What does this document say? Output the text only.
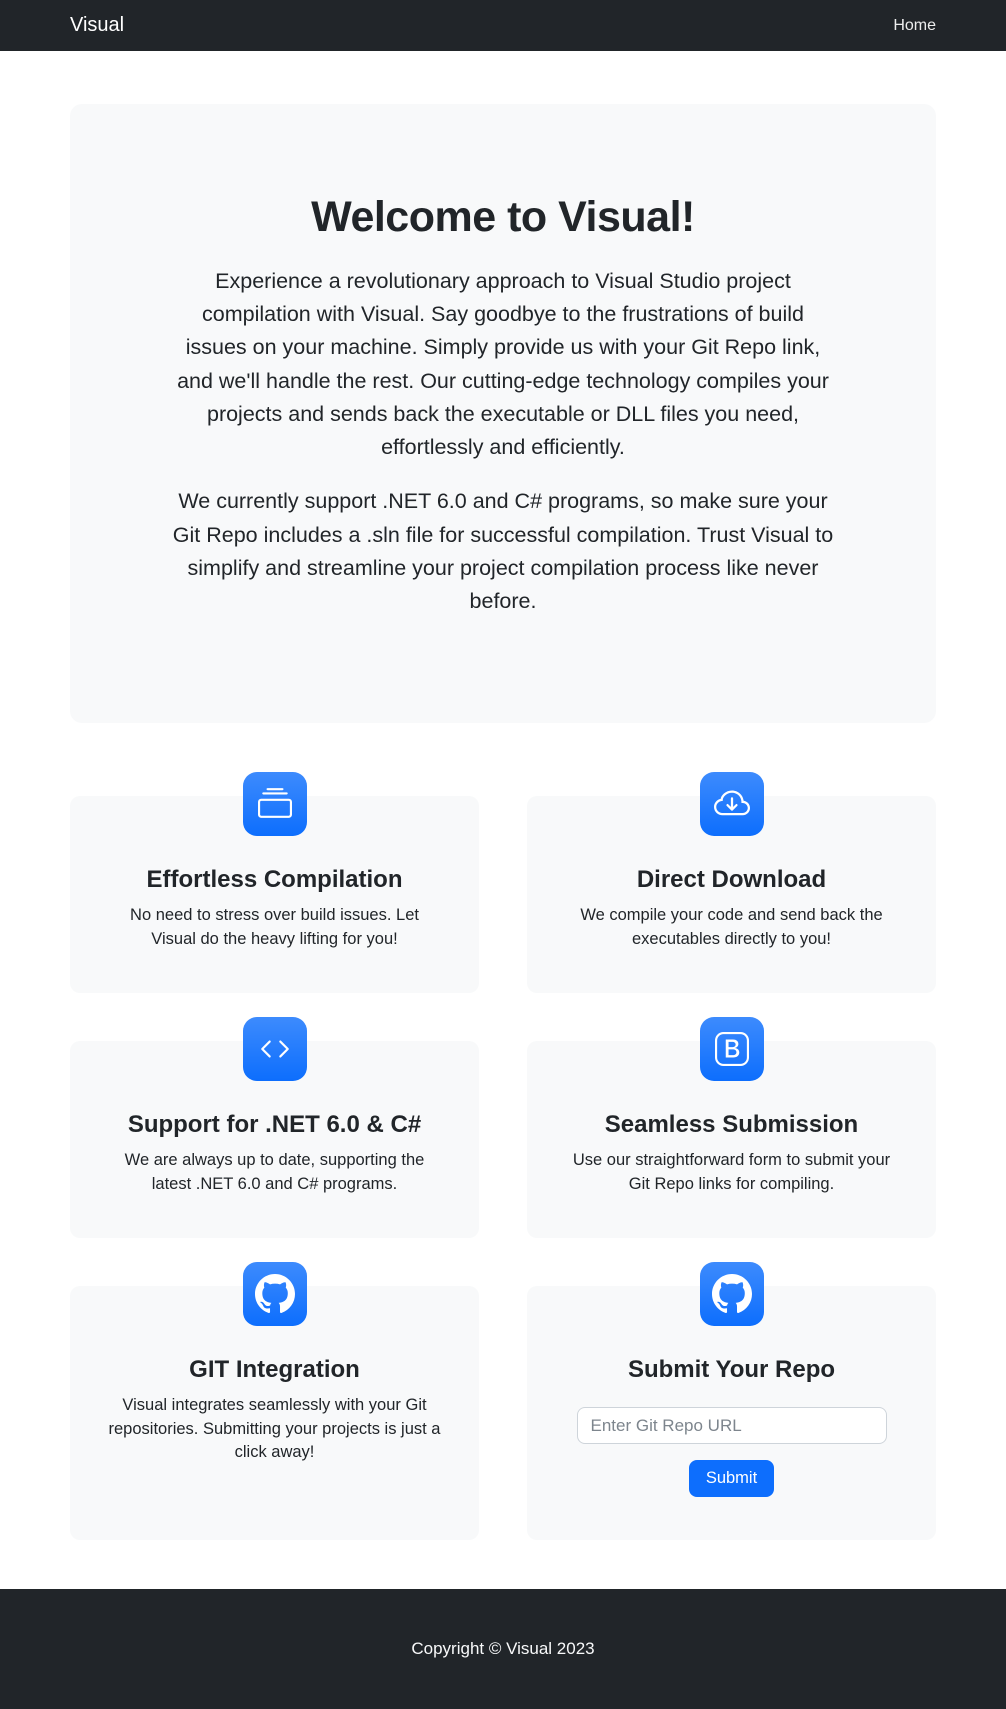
Visual	Home
Welcome to Visual!

Experience a revolutionary approach to Visual Studio project compilation with Visual. Say goodbye to the frustrations of build issues on your machine. Simply provide us with your Git Repo link, and we'll handle the rest. Our cutting-edge technology compiles your projects and sends back the executable or DLL files you need, effortlessly and efficiently.

We currently support .NET 6.0 and C# programs, so make sure your Git Repo includes a .sln file for successful compilation. Trust Visual to simplify and streamline your project compilation process like never before.

Effortless Compilation
No need to stress over build issues. Let Visual do the heavy lifting for you!
Direct Download
We compile your code and send back the executables directly to you!
Support for .NET 6.0 & C#
We are always up to date, supporting the latest .NET 6.0 and C# programs.
Seamless Submission
Use our straightforward form to submit your Git Repo links for compiling.
GIT Integration
Visual integrates seamlessly with your Git repositories. Submitting your projects is just a click away!
Submit Your Repo
Enter Git Repo URL Submit
Copyright © Visual 2023
